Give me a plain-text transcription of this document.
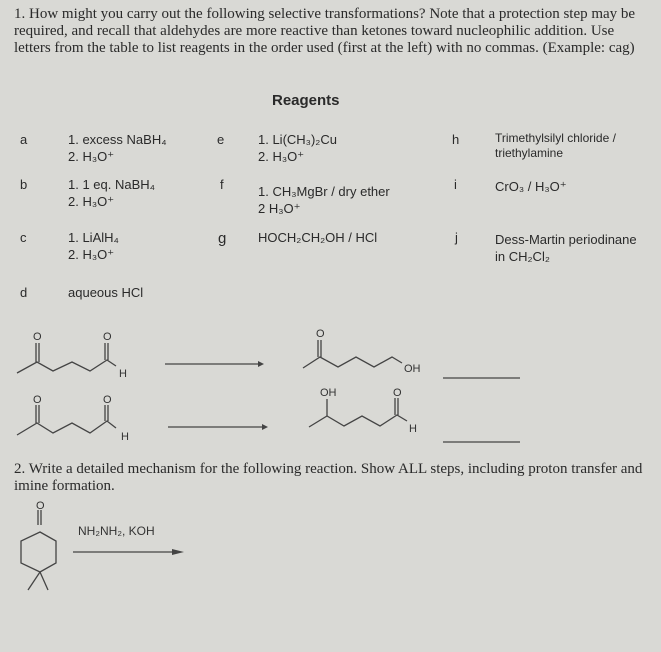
1. How might you carry out the following selective transformations? Note that a protection step may be required, and recall that aldehydes are more reactive than ketones toward nucleophilic addition. Use letters from the table to list reagents in the order used (first at the left) with no commas. (Example: cag)
Reagents
a	1. excess NaBH₄
2. H₃O⁺
b	1. 1 eq. NaBH₄
2. H₃O⁺
c	1. LiAlH₄
2. H₃O⁺
d	aqueous HCl
e	1. Li(CH₃)₂Cu
2. H₃O⁺
f	1. CH₃MgBr / dry ether
2 H₃O⁺
g HOCH₂CH₂OH / HCl
h	Trimethylsilyl chloride /
triethylamine
i	CrO₃ / H₃O⁺
j	Dess-Martin periodinane
in CH₂Cl₂
2. Write a detailed mechanism for the following reaction. Show ALL steps, including proton transfer and imine formation.
O	O
H
O
OH
O	O
H
OH	O
H
O
NH₂NH₂, KOH
